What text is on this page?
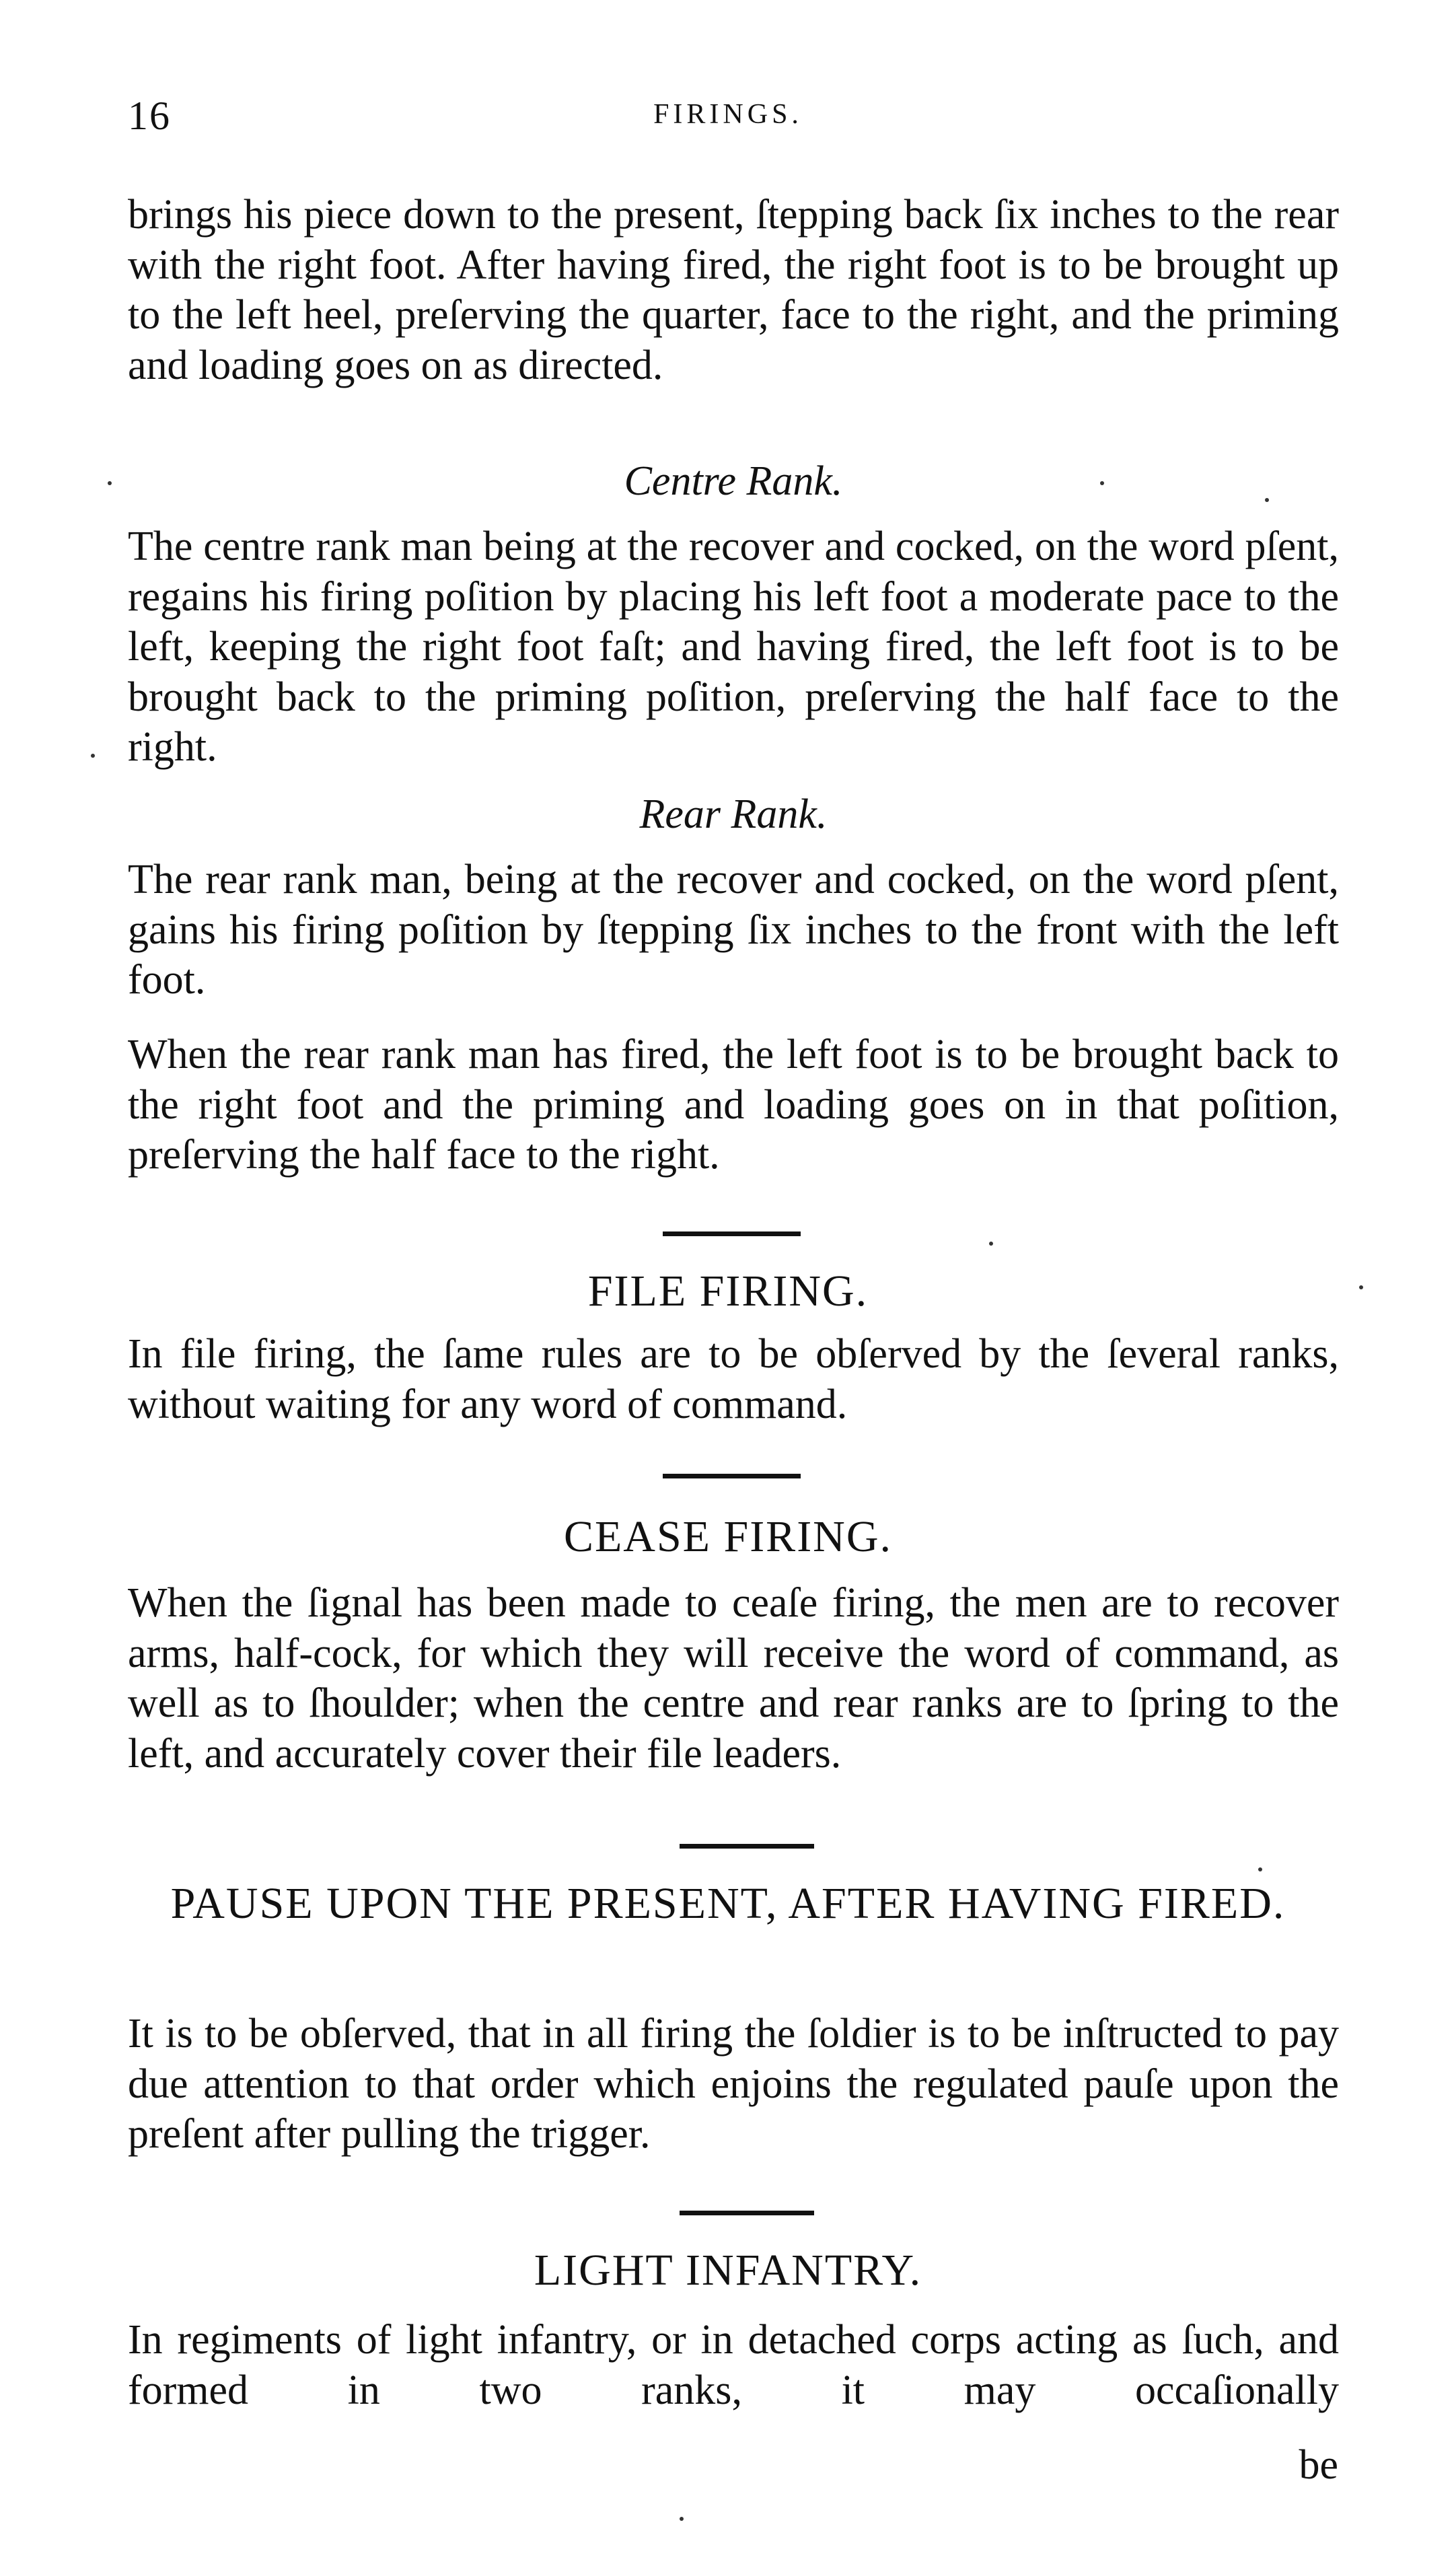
16	FIRINGS.

brings his piece down to the present, ſtepping back ſix inches to the rear with the right foot. After having fired, the right foot is to be brought up to the left heel, preſerving the quarter, face to the right, and the priming and loading goes on as directed.

Centre Rank.

The centre rank man being at the recover and cocked, on the word pſent, regains his firing poſition by placing his left foot a moderate pace to the left, keeping the right foot faſt; and having fired, the left foot is to be brought back to the priming poſition, preſerving the half face to the right.

Rear Rank.

The rear rank man, being at the recover and cocked, on the word pſent, gains his firing poſition by ſtepping ſix inches to the front with the left foot.

When the rear rank man has fired, the left foot is to be brought back to the right foot and the priming and loading goes on in that poſition, preſerving the half face to the right.

FILE FIRING.

In file firing, the ſame rules are to be obſerved by the ſeveral ranks, without waiting for any word of command.

CEASE FIRING.

When the ſignal has been made to ceaſe firing, the men are to recover arms, half-cock, for which they will receive the word of command, as well as to ſhoulder; when the centre and rear ranks are to ſpring to the left, and accurately cover their file leaders.

PAUSE UPON THE PRESENT, AFTER HAVING FIRED.

It is to be obſerved, that in all firing the ſoldier is to be inſtructed to pay due attention to that order which enjoins the regulated pauſe upon the preſent after pulling the trigger.

LIGHT INFANTRY.

In regiments of light infantry, or in detached corps acting as ſuch, and formed in two ranks, it may occaſionally

be
